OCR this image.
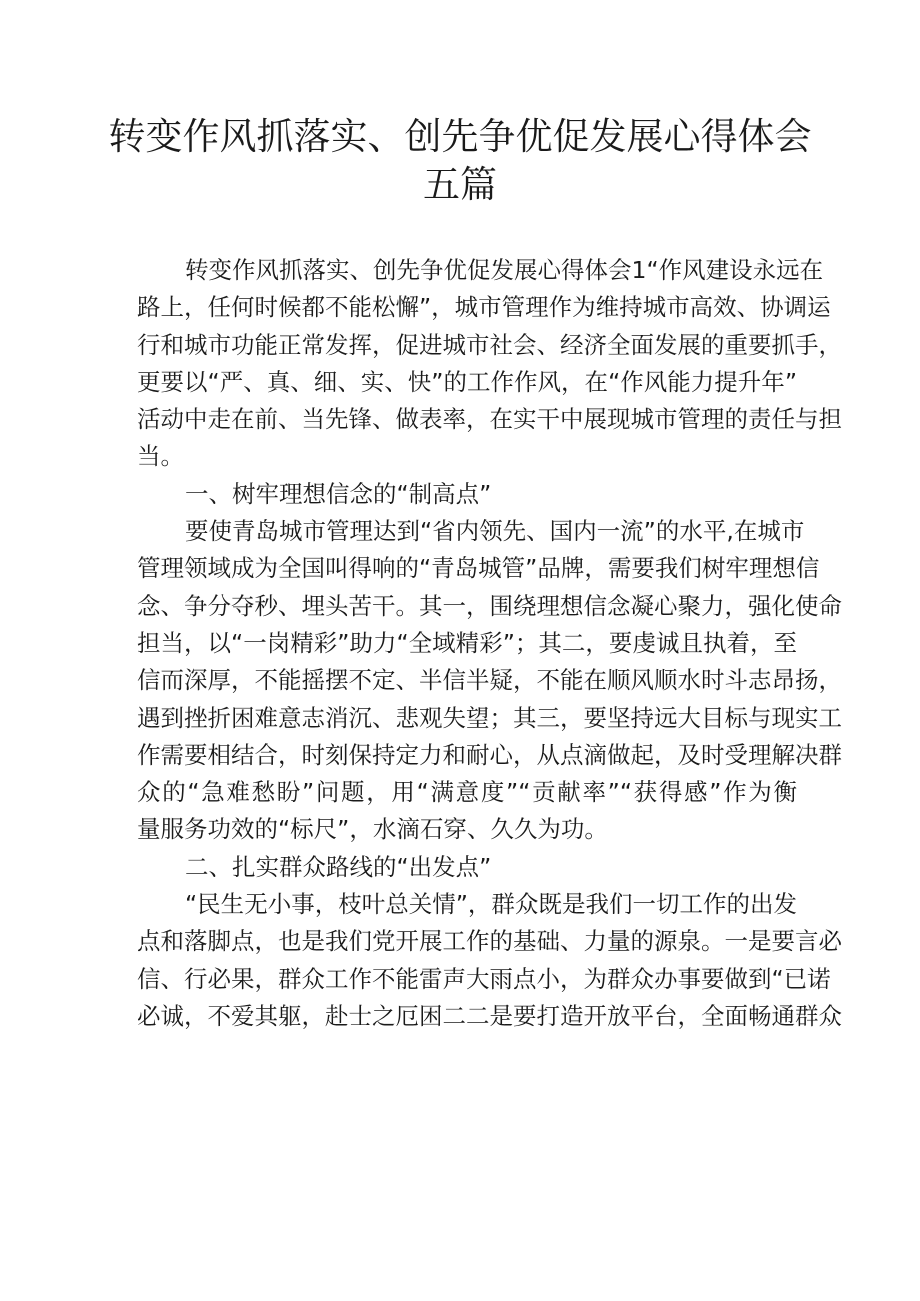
转变作风抓落实、创先争优促发展心得体会
五篇

转变作风抓落实、创先争优促发展心得体会1“作风建设永远在
路上，任何时候都不能松懈”，城市管理作为维持城市高效、协调运
行和城市功能正常发挥，促进城市社会、经济全面发展的重要抓手，
更要以“严、真、细、实、快”的工作作风，在“作风能力提升年”
活动中走在前、当先锋、做表率，在实干中展现城市管理的责任与担
当。

一、树牢理想信念的“制高点”

要使青岛城市管理达到“省内领先、国内一流”的水平,在城市
管理领域成为全国叫得响的“青岛城管”品牌，需要我们树牢理想信
念、争分夺秒、埋头苦干。其一，围绕理想信念凝心聚力，强化使命
担当，以“一岗精彩”助力“全域精彩”；其二，要虔诚且执着，至
信而深厚，不能摇摆不定、半信半疑，不能在顺风顺水时斗志昂扬，
遇到挫折困难意志消沉、悲观失望；其三，要坚持远大目标与现实工
作需要相结合，时刻保持定力和耐心，从点滴做起，及时受理解决群
众的“急难愁盼”问题，用“满意度”“贡献率”“获得感”作为衡
量服务功效的“标尺”，水滴石穿、久久为功。

二、扎实群众路线的“出发点”

“民生无小事，枝叶总关情”，群众既是我们一切工作的出发
点和落脚点，也是我们党开展工作的基础、力量的源泉。一是要言必
信、行必果，群众工作不能雷声大雨点小，为群众办事要做到“已诺
必诚，不爱其躯，赴士之厄困二二是要打造开放平台，全面畅通群众
